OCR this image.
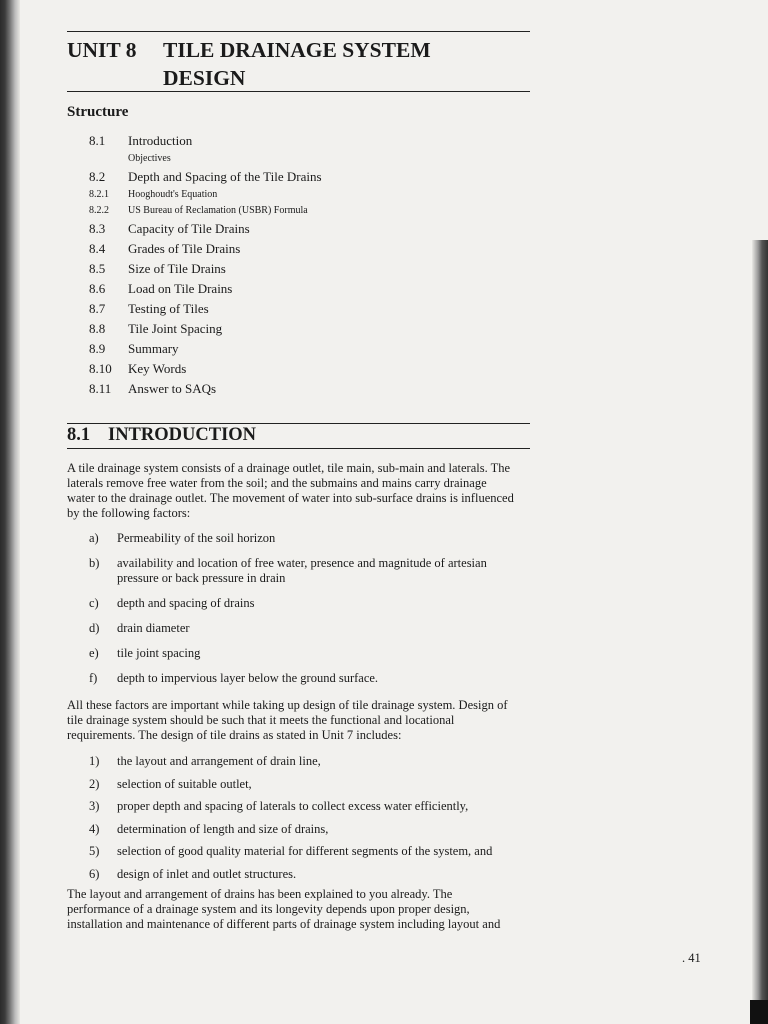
UNIT 8 TILE DRAINAGE SYSTEM
DESIGN
Structure
8.1	Introduction
Objectives
8.2	Depth and Spacing of the Tile Drains
8.2.1	Hooghoudt's Equation
8.2.2	US Bureau of Reclamation (USBR) Formula
8.3	Capacity of Tile Drains
8.4	Grades of Tile Drains
8.5	Size of Tile Drains
8.6	Load on Tile Drains
8.7	Testing of Tiles
8.8	Tile Joint Spacing
8.9	Summary
8.10	Key Words
8.11	Answer to SAQs
8.1 INTRODUCTION
A tile drainage system consists of a drainage outlet, tile main, sub-main and laterals. The laterals remove free water from the soil; and the submains and mains carry drainage water to the drainage outlet. The movement of water into sub-surface drains is influenced by the following factors:
a)	Permeability of the soil horizon
b)	availability and location of free water, presence and magnitude of artesian pressure or back pressure in drain
c)	depth and spacing of drains
d)	drain diameter
e)	tile joint spacing
f)	depth to impervious layer below the ground surface.
All these factors are important while taking up design of tile drainage system. Design of tile drainage system should be such that it meets the functional and locational requirements. The design of tile drains as stated in Unit 7 includes:
1)	the layout and arrangement of drain line,
2)	selection of suitable outlet,
3)	proper depth and spacing of laterals to collect excess water efficiently,
4)	determination of length and size of drains,
5)	selection of good quality material for different segments of the system, and
6)	design of inlet and outlet structures.
The layout and arrangement of drains has been explained to you already. The performance of a drainage system and its longevity depends upon proper design, installation and maintenance of different parts of drainage system including layout and
. 41
